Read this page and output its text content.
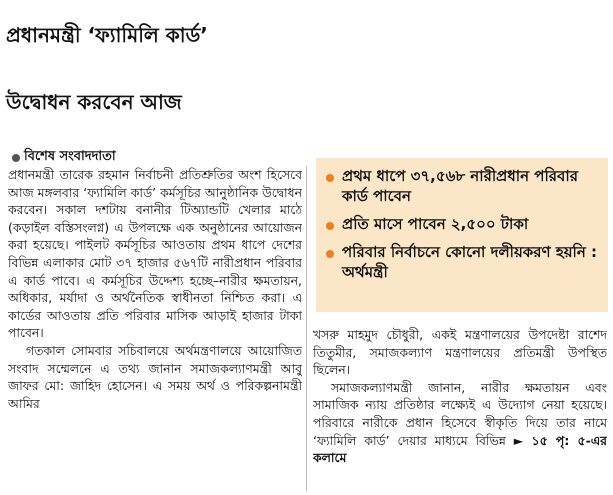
প্রধানমন্ত্রী ‘ফ্যামিলি কার্ড’
উদ্বোধন করবেন আজ
বিশেষ সংবাদদাতা

প্রধানমন্ত্রী তারেক রহমান নির্বাচনী প্রতিশ্রুতির অংশ হিসেবে আজ মঙ্গলবার ‘ফ্যামিলি কার্ড’ কর্মসূচির আনুষ্ঠানিক উদ্বোধন করবেন। সকাল দশটায় বনানীর টিঅ্যান্ডটি খেলার মাঠে (কড়াইল বস্তিসংলগ্ন) এ উপলক্ষে এক অনুষ্ঠানের আয়োজন করা হয়েছে। পাইলট কর্মসূচির আওতায় প্রথম ধাপে দেশের বিভিন্ন এলাকার মোট ৩৭ হাজার ৫৬৭টি নারীপ্রধান পরিবার এ কার্ড পাবে। এ কর্মসূচির উদ্দেশ্য হচ্ছে–নারীর ক্ষমতায়ন, অধিকার, মর্যাদা ও অর্থনৈতিক স্বাধীনতা নিশ্চিত করা। এ কার্ডের আওতায় প্রতি পরিবার মাসিক আড়াই হাজার টাকা পাবেন।

গতকাল সোমবার সচিবালয়ে অর্থমন্ত্রণালয়ে আয়োজিত সংবাদ সম্মেলনে এ তথ্য জানান সমাজকল্যাণমন্ত্রী আবু জাফর মো: জাহিদ হোসেন। এ সময় অর্থ ও পরিকল্পনামন্ত্রী আমির

প্রথম ধাপে ৩৭,৫৬৮ নারীপ্রধান পরিবার কার্ড পাবেন
প্রতি মাসে পাবেন ২,৫০০ টাকা
পরিবার নির্বাচনে কোনো দলীয়করণ হয়নি : অর্থমন্ত্রী

খসরু মাহমুদ চৌধুরী, একই মন্ত্রণালয়ের উপদেষ্টা রাশেদ তিতুমীর, সমাজকল্যাণ মন্ত্রণালয়ের প্রতিমন্ত্রী উপস্থিত ছিলেন।

সমাজকল্যাণমন্ত্রী জানান, নারীর ক্ষমতায়ন এবং সামাজিক ন্যায় প্রতিষ্ঠার লক্ষ্যেই এ উদ্যোগ নেয়া হয়েছে। পরিবারে নারীকে প্রধান হিসেবে স্বীকৃতি দিয়ে তার নামে ‘ফ্যামিলি কার্ড’ দেয়ার মাধ্যমে বিভিন্ন ► ১৫ পৃ: ৫-এর কলামে
